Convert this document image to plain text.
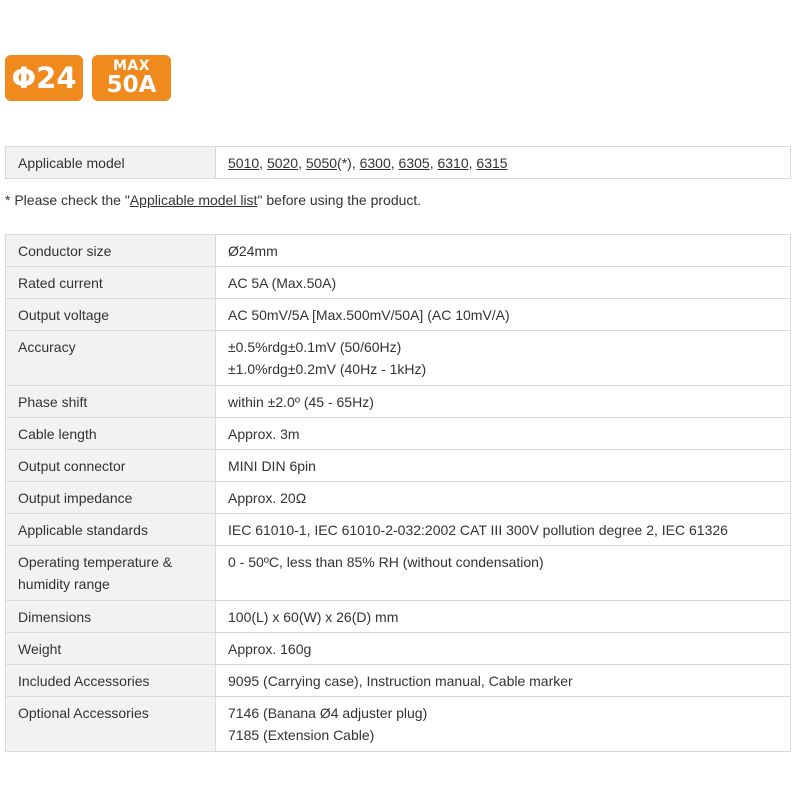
Φ24	MAX
50A
Applicable model	5010, 5020, 5050(*), 6300, 6305, 6310, 6315
* Please check the "Applicable model list" before using the product.
Conductor size	Ø24mm
Rated current	AC 5A (Max.50A)
Output voltage	AC 50mV/5A [Max.500mV/50A] (AC 10mV/A)
Accuracy	±0.5%rdg±0.1mV (50/60Hz)
±1.0%rdg±0.2mV (40Hz - 1kHz)

Phase shift	within ±2.0º (45 - 65Hz)
Cable length	Approx. 3m
Output connector	MINI DIN 6pin
Output impedance	Approx. 20Ω
Applicable standards	IEC 61010-1, IEC 61010-2-032:2002 CAT III 300V pollution degree 2, IEC 61326

Operating temperature &
humidity range	0 - 50ºC, less than 85% RH (without condensation)
Dimensions	100(L) x 60(W) x 26(D) mm
Weight	Approx. 160g
Included Accessories	9095 (Carrying case), Instruction manual, Cable marker
Optional Accessories	7146 (Banana Ø4 adjuster plug)
7185 (Extension Cable)
